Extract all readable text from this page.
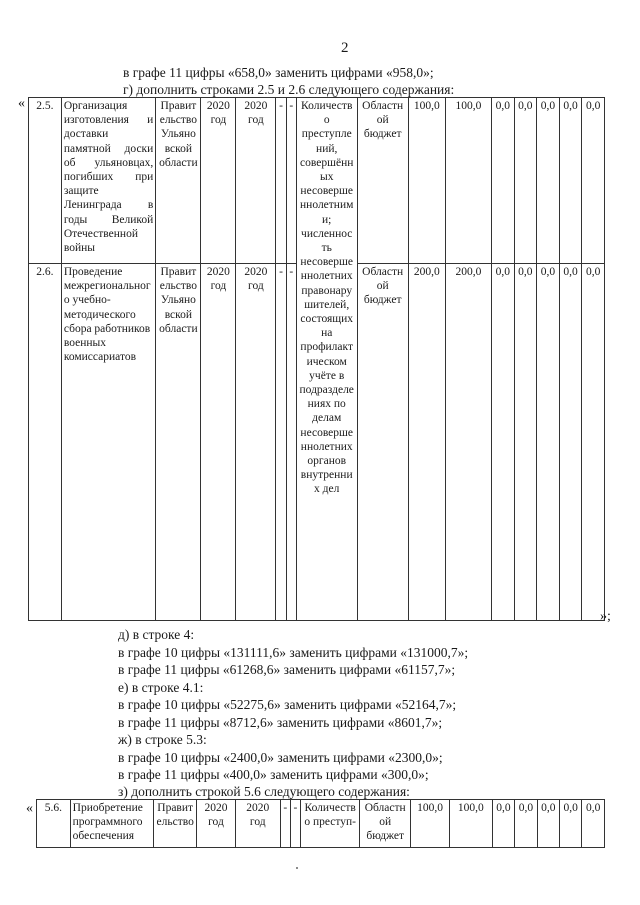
2
в графе 11 цифры «658,0» заменить цифрами «958,0»;
г) дополнить строками 2.5 и 2.6 следующего содержания:
« 2.5.	Организация изготовления и доставки памятной доски об ульяновцах, погибших при защите Ленинграда в годы Великой Отечественной войны	Правительство Ульяновской области	2020 год	2020 год	-	-	Количество преступлений, совершённых несовершеннолетними; численность несовершеннолетних правонарушителей, состоящих на профилактическом учёте в подразделениях по делам несовершеннолетних органов внутренних дел	Областной бюджет	100,0	100,0	0,0	0,0	0,0	0,0	0,0
2.6.	Проведение межрегионального учебно-методического сбора работников военных комиссариатов	Правительство Ульяновской области	2020 год	2020 год	-	-		Областной бюджет	200,0	200,0	0,0	0,0	0,0	0,0	0,0
»;
д) в строке 4:
в графе 10 цифры «131111,6» заменить цифрами «131000,7»;
в графе 11 цифры «61268,6» заменить цифрами «61157,7»;
е) в строке 4.1:
в графе 10 цифры «52275,6» заменить цифрами «52164,7»;
в графе 11 цифры «8712,6» заменить цифрами «8601,7»;
ж) в строке 5.3:
в графе 10 цифры «2400,0» заменить цифрами «2300,0»;
в графе 11 цифры «400,0» заменить цифрами «300,0»;
з) дополнить строкой 5.6 следующего содержания:
« 5.6.	Приобретение программного обеспечения	Правительство	2020 год	2020 год	-	-	Количество преступ-	Областной бюджет	100,0	100,0	0,0	0,0	0,0	0,0	0,0
